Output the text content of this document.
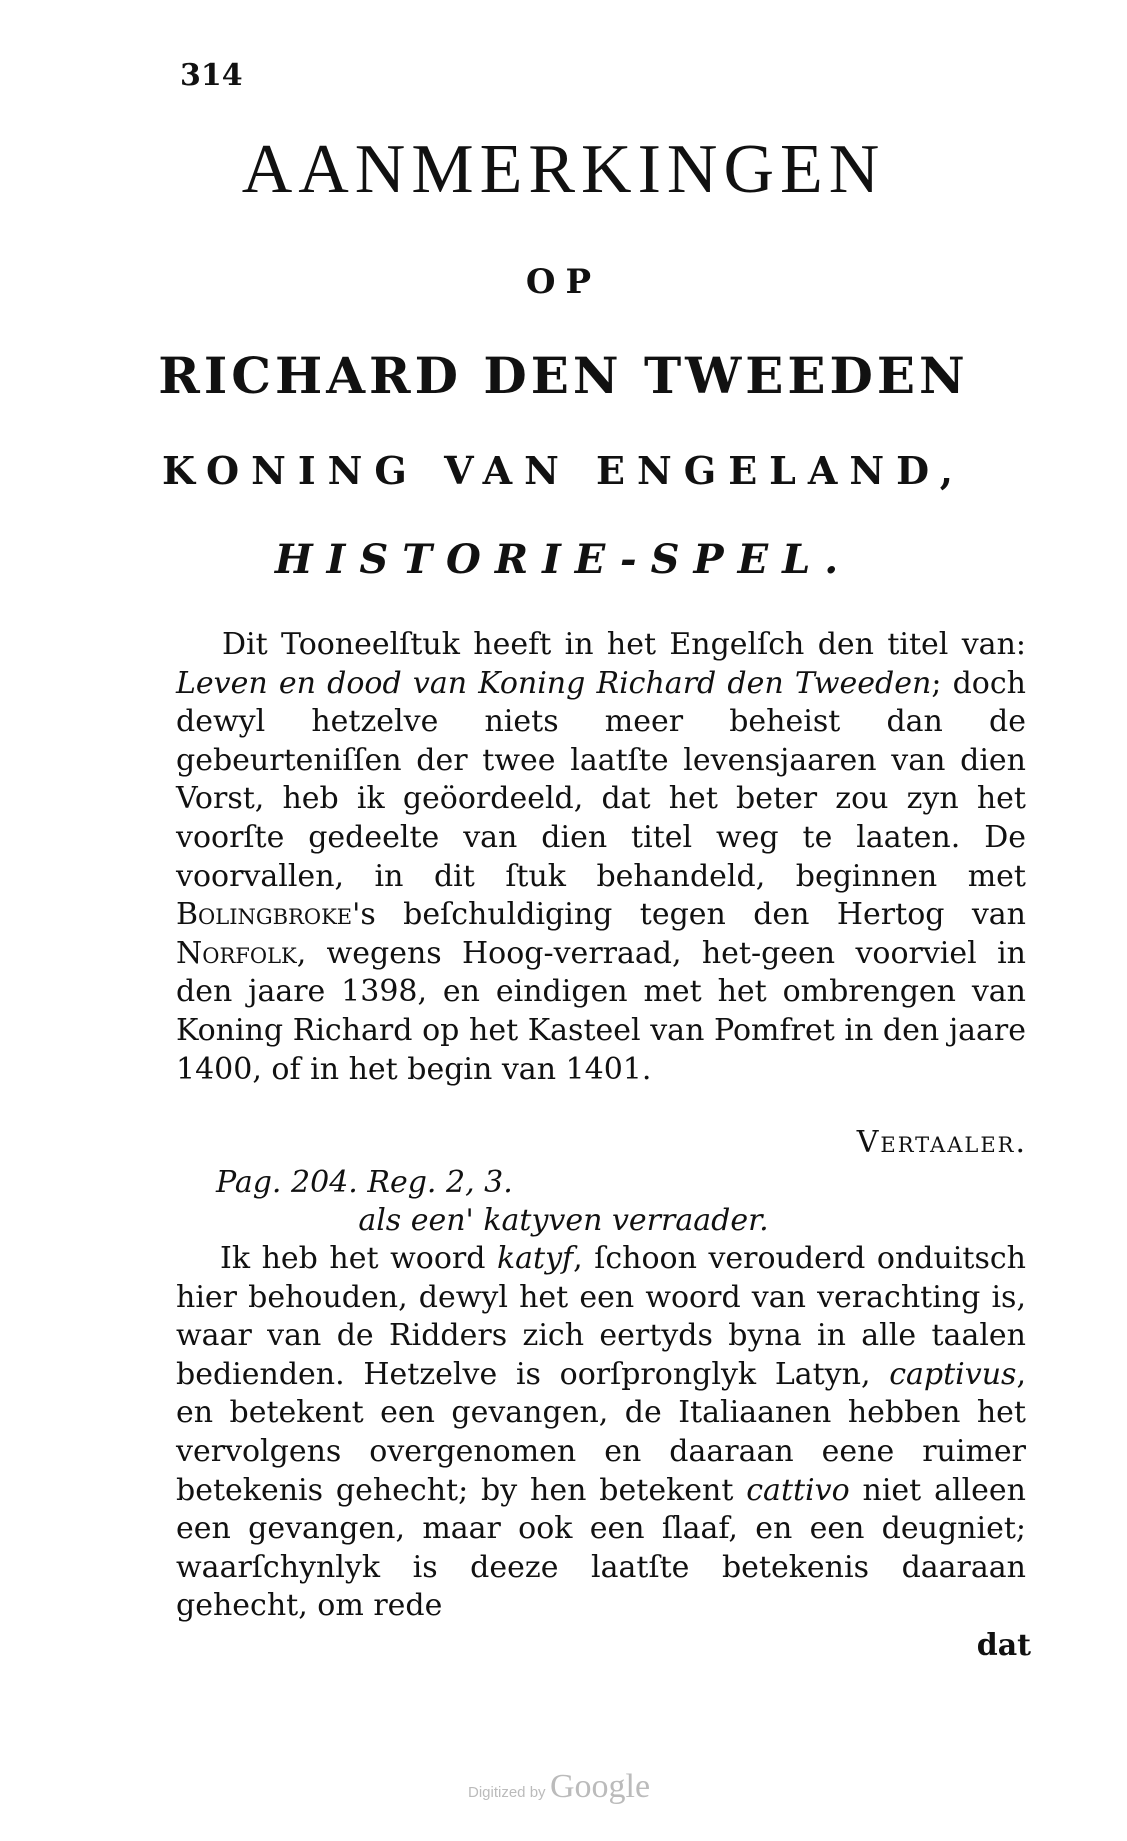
314
AANMERKINGEN
OP
RICHARD DEN TWEEDEN
KONING VAN ENGELAND,
HISTORIE-SPEL.

Dit Tooneelſtuk heeft in het Engelſch den titel van: Leven en dood van Koning Richard den Tweeden; doch dewyl hetzelve niets meer beheist dan de gebeurteniſſen der twee laatſte levensjaaren van dien Vorst, heb ik geöordeeld, dat het beter zou zyn het voorſte gedeelte van dien titel weg te laaten. De voorvallen, in dit ſtuk behandeld, beginnen met Bolingbroke's beſchuldiging tegen den Hertog van Norfolk, wegens Hoog-verraad, het-geen voorviel in den jaare 1398, en eindigen met het ombrengen van Koning Richard op het Kasteel van Pomfret in den jaare 1400, of in het begin van 1401.

Vertaaler.
Pag. 204. Reg. 2, 3.
als een' katyven verraader.

Ik heb het woord katyf, ſchoon verouderd onduitsch hier behouden, dewyl het een woord van verachting is, waar van de Ridders zich eertyds byna in alle taalen bedienden. Hetzelve is oorſpronglyk Latyn, captivus, en betekent een gevangen, de Italiaanen hebben het vervolgens overgenomen en daaraan eene ruimer betekenis gehecht; by hen betekent cattivo niet alleen een gevangen, maar ook een ſlaaf, en een deugniet; waarſchynlyk is deeze laatſte betekenis daaraan gehecht, om rede

dat
Digitized by Google
